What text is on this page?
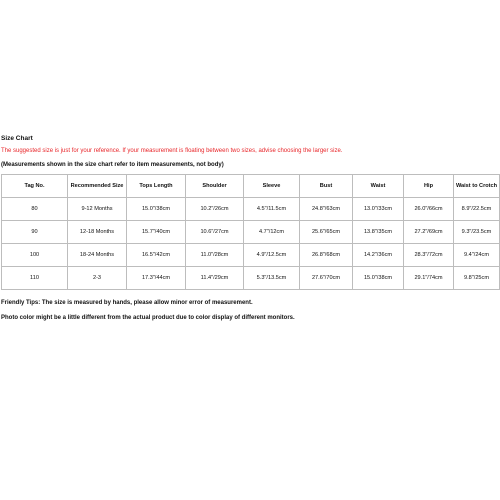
Size Chart
The suggested size is just for your reference. If your measurement is floating between two sizes, advise choosing the larger size.
(Measurements shown in the size chart refer to item measurements, not body)
Tag No.	Recommended Size	Tops Length	Shoulder	Sleeve	Bust	Waist	Hip	Waist to Crotch
80	9-12 Months	15.0"/38cm	10.2"/26cm	4.5"/11.5cm	24.8"/63cm	13.0"/33cm	26.0"/66cm	8.9"/22.5cm
90	12-18 Months	15.7"/40cm	10.6"/27cm	4.7"/12cm	25.6"/65cm	13.8"/35cm	27.2"/69cm	9.3"/23.5cm
100	18-24 Months	16.5"/42cm	11.0"/28cm	4.9"/12.5cm	26.8"/68cm	14.2"/36cm	28.3"/72cm	9.4"/24cm
110	2-3	17.3"/44cm	11.4"/29cm	5.3"/13.5cm	27.6"/70cm	15.0"/38cm	29.1"/74cm	9.8"/25cm
Friendly Tips: The size is measured by hands, please allow minor error of measurement.
Photo color might be a little different from the actual product due to color display of different monitors.
